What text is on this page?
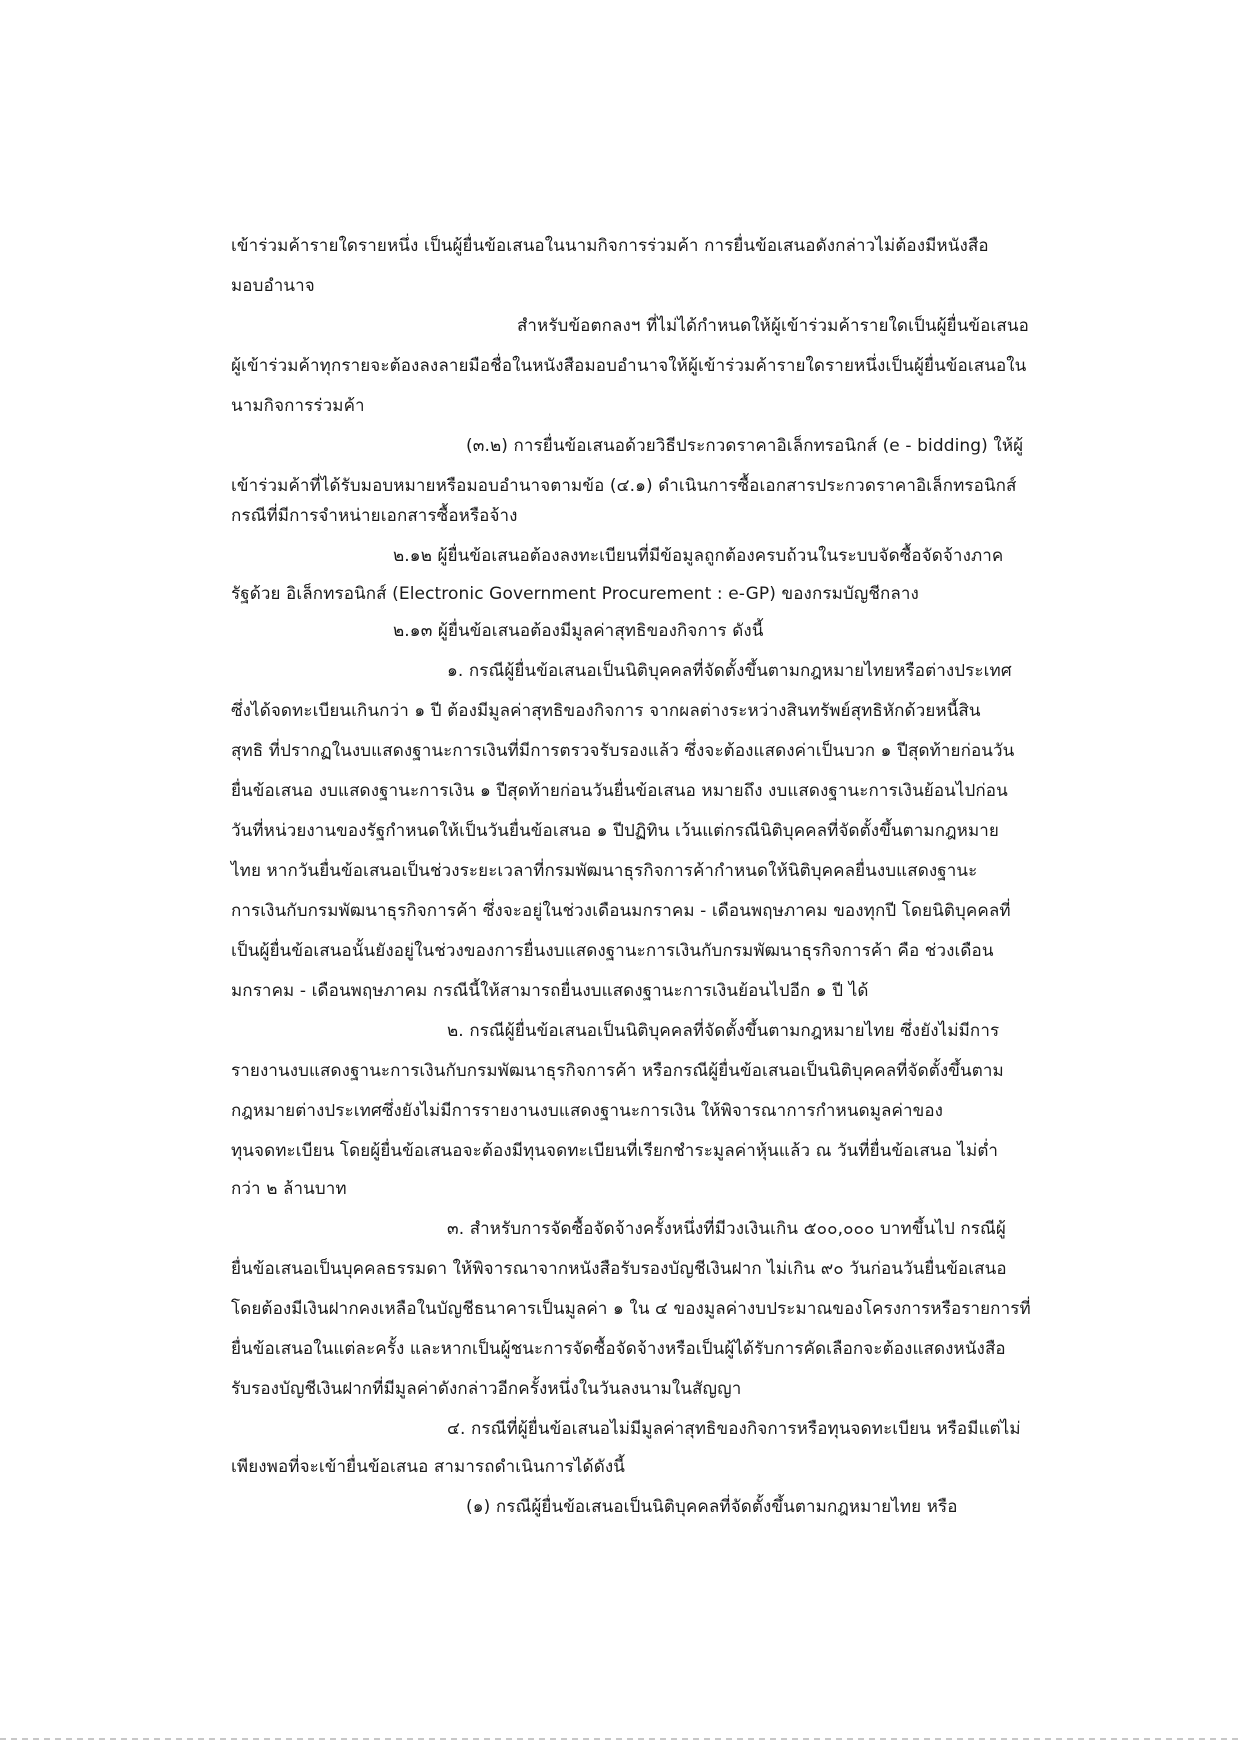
เข้าร่วมค้ารายใดรายหนึ่ง เป็นผู้ยื่นข้อเสนอในนามกิจการร่วมค้า การยื่นข้อเสนอดังกล่าวไม่ต้องมีหนังสือ
มอบอำนาจ
สำหรับข้อตกลงฯ ที่ไม่ได้กำหนดให้ผู้เข้าร่วมค้ารายใดเป็นผู้ยื่นข้อเสนอ
ผู้เข้าร่วมค้าทุกรายจะต้องลงลายมือชื่อในหนังสือมอบอำนาจให้ผู้เข้าร่วมค้ารายใดรายหนึ่งเป็นผู้ยื่นข้อเสนอใน
นามกิจการร่วมค้า
(๓.๒) การยื่นข้อเสนอด้วยวิธีประกวดราคาอิเล็กทรอนิกส์ (e - bidding) ให้ผู้
เข้าร่วมค้าที่ได้รับมอบหมายหรือมอบอำนาจตามข้อ (๔.๑) ดำเนินการซื้อเอกสารประกวดราคาอิเล็กทรอนิกส์
กรณีที่มีการจำหน่ายเอกสารซื้อหรือจ้าง
๒.๑๒ ผู้ยื่นข้อเสนอต้องลงทะเบียนที่มีข้อมูลถูกต้องครบถ้วนในระบบจัดซื้อจัดจ้างภาค
รัฐด้วย อิเล็กทรอนิกส์ (Electronic Government Procurement : e-GP) ของกรมบัญชีกลาง
๒.๑๓ ผู้ยื่นข้อเสนอต้องมีมูลค่าสุทธิของกิจการ ดังนี้
๑. กรณีผู้ยื่นข้อเสนอเป็นนิติบุคคลที่จัดตั้งขึ้นตามกฎหมายไทยหรือต่างประเทศ
ซึ่งได้จดทะเบียนเกินกว่า ๑ ปี ต้องมีมูลค่าสุทธิของกิจการ จากผลต่างระหว่างสินทรัพย์สุทธิหักด้วยหนี้สิน
สุทธิ ที่ปรากฏในงบแสดงฐานะการเงินที่มีการตรวจรับรองแล้ว ซึ่งจะต้องแสดงค่าเป็นบวก ๑ ปีสุดท้ายก่อนวัน
ยื่นข้อเสนอ งบแสดงฐานะการเงิน ๑ ปีสุดท้ายก่อนวันยื่นข้อเสนอ หมายถึง งบแสดงฐานะการเงินย้อนไปก่อน
วันที่หน่วยงานของรัฐกำหนดให้เป็นวันยื่นข้อเสนอ ๑ ปีปฏิทิน เว้นแต่กรณีนิติบุคคลที่จัดตั้งขึ้นตามกฎหมาย
ไทย หากวันยื่นข้อเสนอเป็นช่วงระยะเวลาที่กรมพัฒนาธุรกิจการค้ากำหนดให้นิติบุคคลยื่นงบแสดงฐานะ
การเงินกับกรมพัฒนาธุรกิจการค้า ซึ่งจะอยู่ในช่วงเดือนมกราคม - เดือนพฤษภาคม ของทุกปี โดยนิติบุคคลที่
เป็นผู้ยื่นข้อเสนอนั้นยังอยู่ในช่วงของการยื่นงบแสดงฐานะการเงินกับกรมพัฒนาธุรกิจการค้า คือ ช่วงเดือน
มกราคม - เดือนพฤษภาคม กรณีนี้ให้สามารถยื่นงบแสดงฐานะการเงินย้อนไปอีก ๑ ปี ได้
๒. กรณีผู้ยื่นข้อเสนอเป็นนิติบุคคลที่จัดตั้งขึ้นตามกฎหมายไทย ซึ่งยังไม่มีการ
รายงานงบแสดงฐานะการเงินกับกรมพัฒนาธุรกิจการค้า หรือกรณีผู้ยื่นข้อเสนอเป็นนิติบุคคลที่จัดตั้งขึ้นตาม
กฎหมายต่างประเทศซึ่งยังไม่มีการรายงานงบแสดงฐานะการเงิน ให้พิจารณาการกำหนดมูลค่าของ
ทุนจดทะเบียน โดยผู้ยื่นข้อเสนอจะต้องมีทุนจดทะเบียนที่เรียกชำระมูลค่าหุ้นแล้ว ณ วันที่ยื่นข้อเสนอ ไม่ต่ำ
กว่า ๒ ล้านบาท
๓. สำหรับการจัดซื้อจัดจ้างครั้งหนึ่งที่มีวงเงินเกิน ๕๐๐,๐๐๐ บาทขึ้นไป กรณีผู้
ยื่นข้อเสนอเป็นบุคคลธรรมดา ให้พิจารณาจากหนังสือรับรองบัญชีเงินฝาก ไม่เกิน ๙๐ วันก่อนวันยื่นข้อเสนอ
โดยต้องมีเงินฝากคงเหลือในบัญชีธนาคารเป็นมูลค่า ๑ ใน ๔ ของมูลค่างบประมาณของโครงการหรือรายการที่
ยื่นข้อเสนอในแต่ละครั้ง และหากเป็นผู้ชนะการจัดซื้อจัดจ้างหรือเป็นผู้ได้รับการคัดเลือกจะต้องแสดงหนังสือ
รับรองบัญชีเงินฝากที่มีมูลค่าดังกล่าวอีกครั้งหนึ่งในวันลงนามในสัญญา
๔. กรณีที่ผู้ยื่นข้อเสนอไม่มีมูลค่าสุทธิของกิจการหรือทุนจดทะเบียน หรือมีแต่ไม่
เพียงพอที่จะเข้ายื่นข้อเสนอ สามารถดำเนินการได้ดังนี้
(๑) กรณีผู้ยื่นข้อเสนอเป็นนิติบุคคลที่จัดตั้งขึ้นตามกฎหมายไทย หรือ
